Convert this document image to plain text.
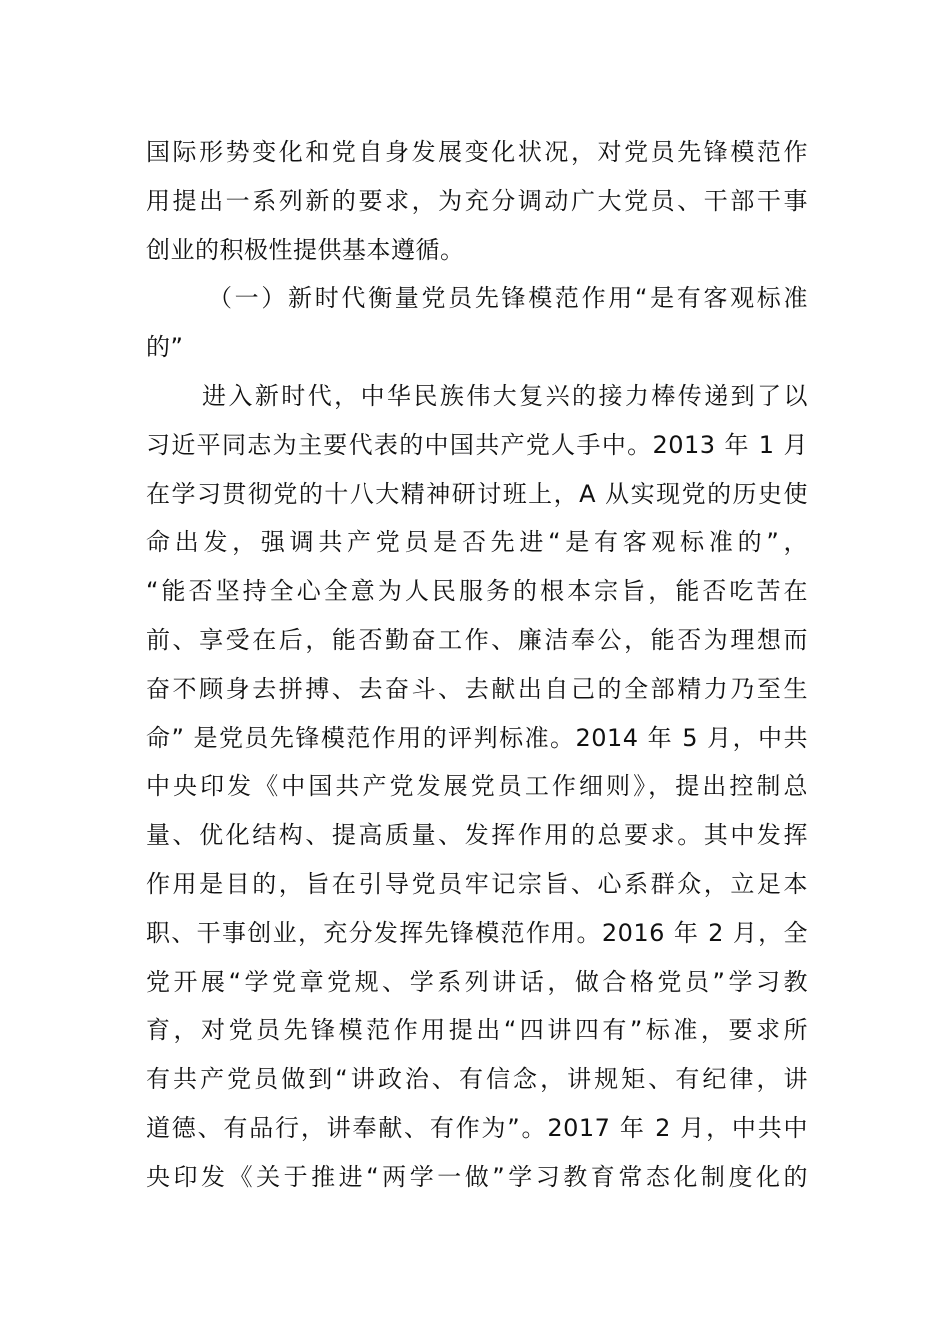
国际形势变化和党自身发展变化状况，对党员先锋模范作
用提出一系列新的要求，为充分调动广大党员、干部干事
创业的积极性提供基本遵循。
（一）新时代衡量党员先锋模范作用“是有客观标准
的”
进入新时代，中华民族伟大复兴的接力棒传递到了以
习近平同志为主要代表的中国共产党人手中。2013 年 1 月
在学习贯彻党的十八大精神研讨班上，A 从实现党的历史使
命出发，强调共产党员是否先进“是有客观标准的”，
“能否坚持全心全意为人民服务的根本宗旨，能否吃苦在
前、享受在后，能否勤奋工作、廉洁奉公，能否为理想而
奋不顾身去拼搏、去奋斗、去献出自己的全部精力乃至生
命” 是党员先锋模范作用的评判标准。2014 年 5 月，中共
中央印发《中国共产党发展党员工作细则》，提出控制总
量、优化结构、提高质量、发挥作用的总要求。其中发挥
作用是目的，旨在引导党员牢记宗旨、心系群众，立足本
职、干事创业，充分发挥先锋模范作用。2016 年 2 月，全
党开展“学党章党规、学系列讲话，做合格党员”学习教
育，对党员先锋模范作用提出“四讲四有”标准，要求所
有共产党员做到“讲政治、有信念，讲规矩、有纪律，讲
道德、有品行，讲奉献、有作为”。2017 年 2 月，中共中
央印发《关于推进“两学一做”学习教育常态化制度化的
